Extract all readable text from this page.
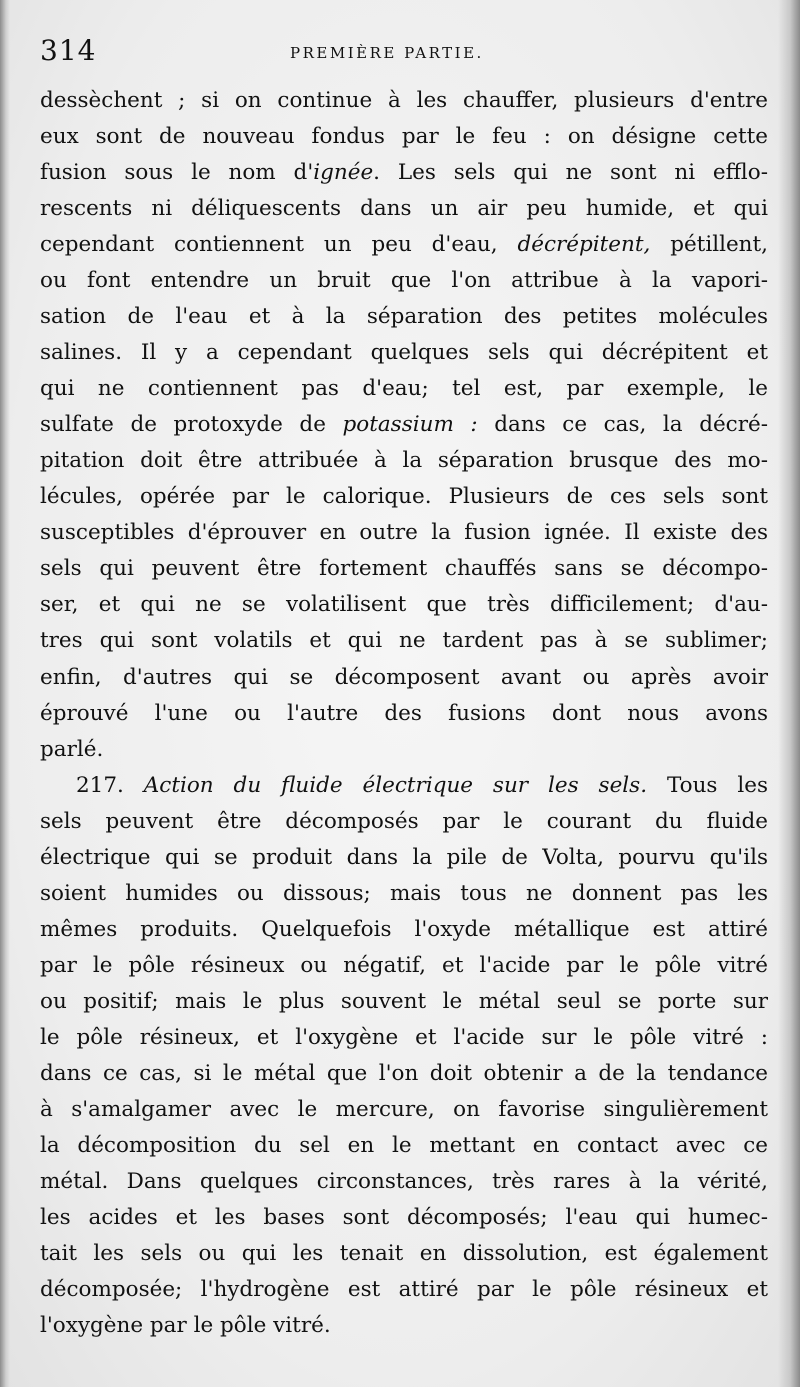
314	PREMIÈRE PARTIE.
dessèchent ; si on continue à les chauffer, plusieurs d'entre
eux sont de nouveau fondus par le feu : on désigne cette
fusion sous le nom d'ignée. Les sels qui ne sont ni efflo-
rescents ni déliquescents dans un air peu humide, et qui
cependant contiennent un peu d'eau, décrépitent, pétillent,
ou font entendre un bruit que l'on attribue à la vapori-
sation de l'eau et à la séparation des petites molécules
salines. Il y a cependant quelques sels qui décrépitent et
qui ne contiennent pas d'eau; tel est, par exemple, le
sulfate de protoxyde de potassium : dans ce cas, la décré-
pitation doit être attribuée à la séparation brusque des mo-
lécules, opérée par le calorique. Plusieurs de ces sels sont
susceptibles d'éprouver en outre la fusion ignée. Il existe des
sels qui peuvent être fortement chauffés sans se décompo-
ser, et qui ne se volatilisent que très difficilement; d'au-
tres qui sont volatils et qui ne tardent pas à se sublimer;
enfin, d'autres qui se décomposent avant ou après avoir
éprouvé l'une ou l'autre des fusions dont nous avons
parlé.
217. Action du fluide électrique sur les sels. Tous les
sels peuvent être décomposés par le courant du fluide
électrique qui se produit dans la pile de Volta, pourvu qu'ils
soient humides ou dissous; mais tous ne donnent pas les
mêmes produits. Quelquefois l'oxyde métallique est attiré
par le pôle résineux ou négatif, et l'acide par le pôle vitré
ou positif; mais le plus souvent le métal seul se porte sur
le pôle résineux, et l'oxygène et l'acide sur le pôle vitré :
dans ce cas, si le métal que l'on doit obtenir a de la tendance
à s'amalgamer avec le mercure, on favorise singulièrement
la décomposition du sel en le mettant en contact avec ce
métal. Dans quelques circonstances, très rares à la vérité,
les acides et les bases sont décomposés; l'eau qui humec-
tait les sels ou qui les tenait en dissolution, est également
décomposée; l'hydrogène est attiré par le pôle résineux et
l'oxygène par le pôle vitré.
